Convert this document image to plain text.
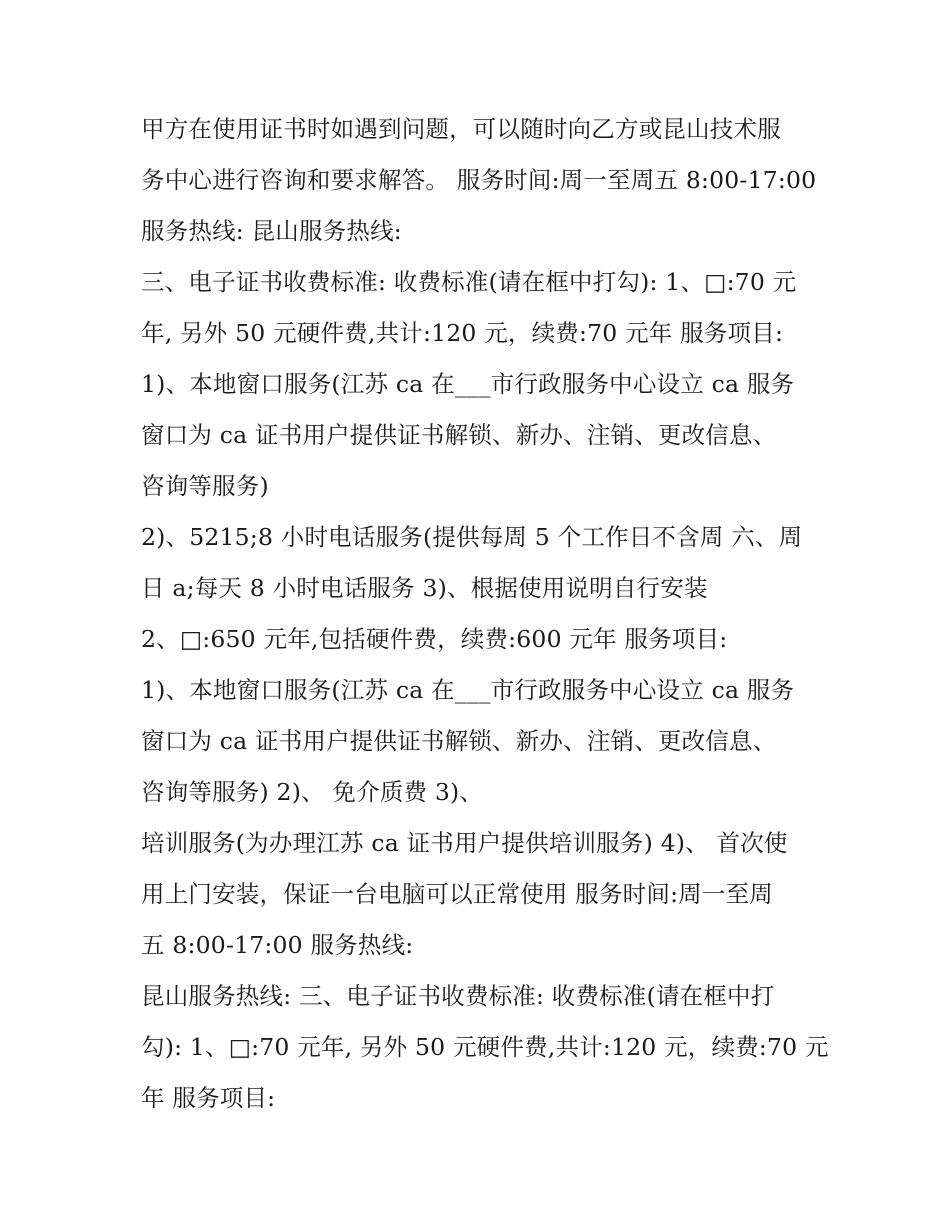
甲方在使用证书时如遇到问题，可以随时向乙方或昆山技术服
务中心进行咨询和要求解答。 服务时间:周一至周五 8:00-17:00
服务热线: 昆山服务热线:
三、电子证书收费标准: 收费标准(请在框中打勾): 1、□:70 元
年, 另外 50 元硬件费,共计:120 元，续费:70 元年 服务项目:
1)、本地窗口服务(江苏 ca 在___市行政服务中心设立 ca 服务
窗口为 ca 证书用户提供证书解锁、新办、注销、更改信息、
咨询等服务)
2)、5215;8 小时电话服务(提供每周 5 个工作日不含周 六、周
日 a;每天 8 小时电话服务 3)、根据使用说明自行安装
2、□:650 元年,包括硬件费，续费:600 元年 服务项目:
1)、本地窗口服务(江苏 ca 在___市行政服务中心设立 ca 服务
窗口为 ca 证书用户提供证书解锁、新办、注销、更改信息、
咨询等服务) 2)、 免介质费 3)、
培训服务(为办理江苏 ca 证书用户提供培训服务) 4)、 首次使
用上门安装，保证一台电脑可以正常使用 服务时间:周一至周
五 8:00-17:00 服务热线:
昆山服务热线: 三、电子证书收费标准: 收费标准(请在框中打
勾): 1、□:70 元年, 另外 50 元硬件费,共计:120 元，续费:70 元
年 服务项目:
